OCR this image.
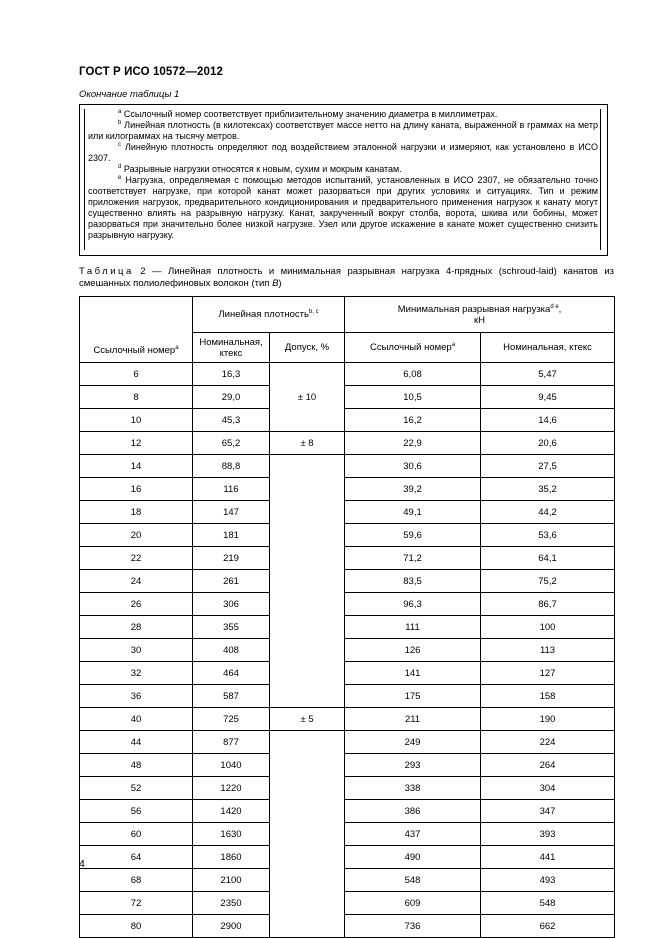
ГОСТ Р ИСО 10572—2012
Окончание таблицы 1

$^a$ Ссылочный номер соответствует приблизительному значению диаметра в миллиметрах.

$^b$ Линейная плотность (в килотексах) соответствует массе нетто на длину каната, выраженной в граммах на метр или килограммах на тысячу метров.

$^c$ Линейную плотность определяют под воздействием эталонной нагрузки и измеряют, как установлено в ИСО 2307.

$^d$ Разрывные нагрузки относятся к новым, сухим и мокрым канатам.

$^e$ Нагрузка, определяемая с помощью методов испытаний, установленных в ИСО 2307, не обязательно точно соответствует нагрузке, при которой канат может разорваться при других условиях и ситуациях. Тип и режим приложения нагрузок, предварительного кондиционирования и предварительного применения нагрузок к канату могут существенно влиять на разрывную нагрузку. Канат, закрученный вокруг столба, ворота, шкива или бобины, может разорваться при значительно более низкой нагрузке. Узел или другое искажение в канате может существенно снизить разрывную нагрузку.

Таблица 2 — Линейная плотность и минимальная разрывная нагрузка 4-прядных (schroud-laid) канатов из смешанных полиолефиновых волокон (тип B)
Ссылочный номер$^a$	Линейная плотность$^{b, c}$		Минимальная разрывная нагрузка$^{d e}$,
кН	
	Номинальная, ктекс	Допуск, %	Ссылочный номер$^a$	Номинальная, ктекс
6	16,3	± 10	6,08	5,47
8	29,0		10,5	9,45
10	45,3		16,2	14,6
12	65,2	± 8	22,9	20,6
14	88,8		30,6	27,5
16	116		39,2	35,2
18	147		49,1	44,2
20	181		59,6	53,6
22	219		71,2	64,1
24	261		83,5	75,2
26	306		96,3	86,7
28	355		111	100
30	408		126	113
32	464		141	127
36	587		175	158
40	725	± 5	211	190
44	877		249	224
48	1040		293	264
52	1220		338	304
56	1420		386	347
60	1630		437	393
64	1860		490	441
68	2100		548	493
72	2350		609	548
80	2900		736	662
4
